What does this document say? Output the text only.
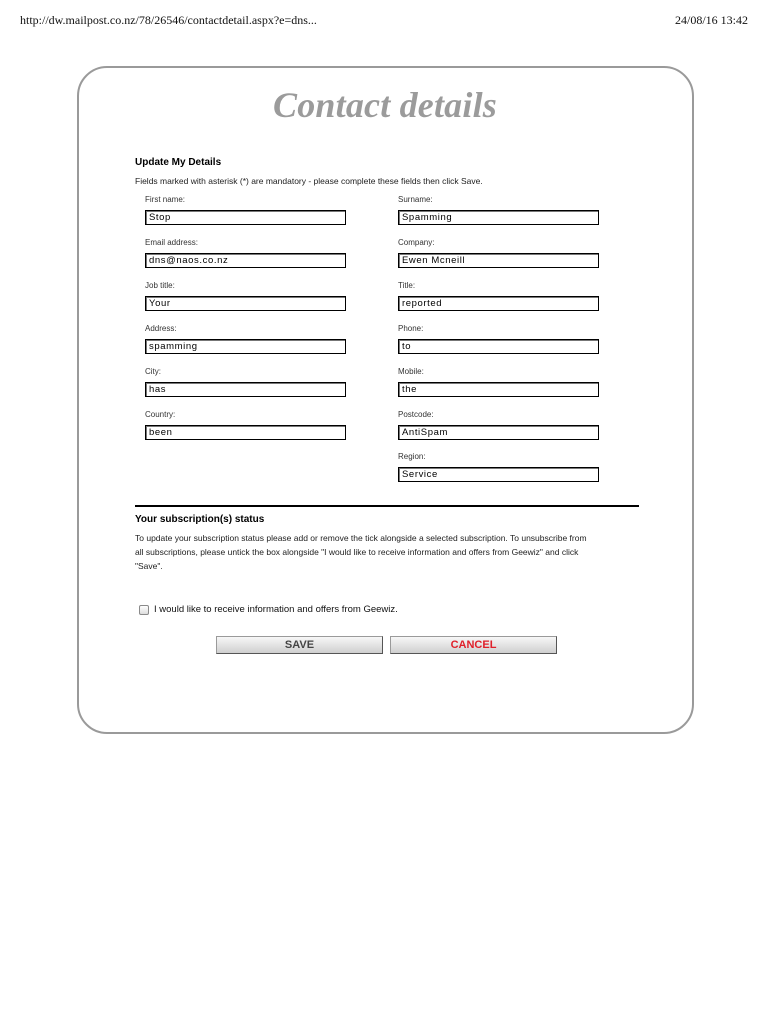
http://dw.mailpost.co.nz/78/26546/contactdetail.aspx?e=dns...	24/08/16 13:42
Contact details
Update My Details
Fields marked with asterisk (*) are mandatory - please complete these fields then click Save.
First name:
Stop
Email address:
dns@naos.co.nz
Job title:
Your
Address:
spamming
City:
has
Country:
been
Surname:
Spamming
Company:
Ewen Mcneill
Title:
reported
Phone:
to
Mobile:
the
Postcode:
AntiSpam
Region:
Service
Your subscription(s) status
To update your subscription status please add or remove the tick alongside a selected subscription. To unsubscribe from
all subscriptions, please untick the box alongside "I would like to receive information and offers from Geewiz" and click
"Save".
I would like to receive information and offers from Geewiz.
SAVE	CANCEL
